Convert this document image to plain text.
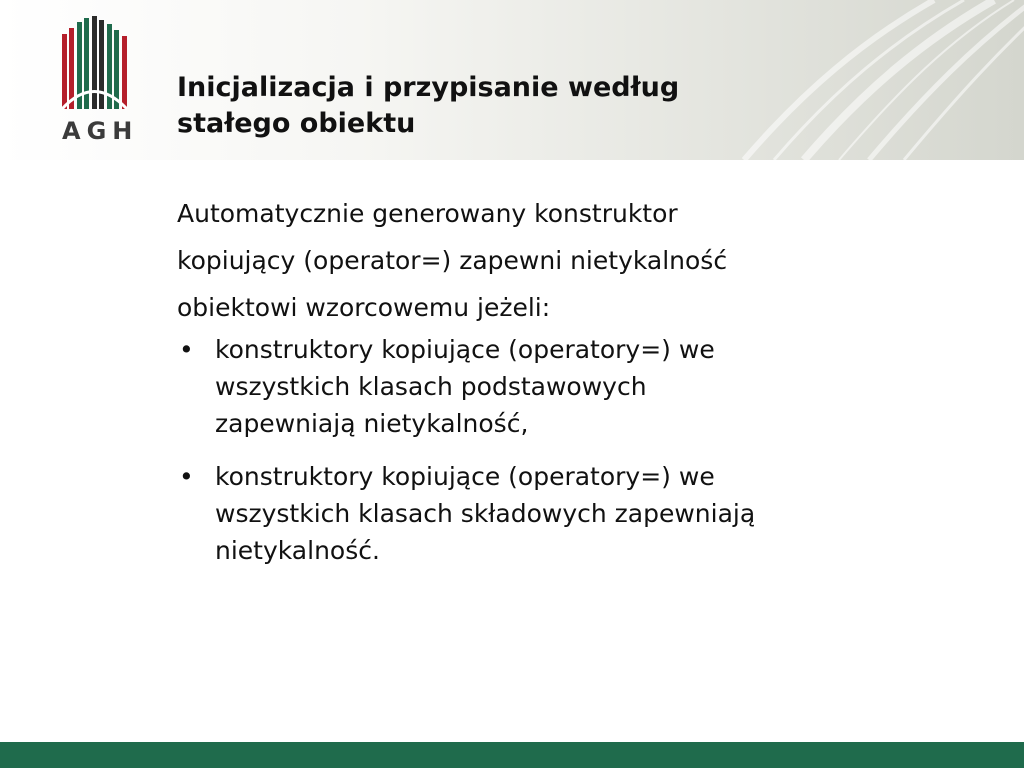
AGH
Inicjalizacja i przypisanie według
stałego obiektu
Automatycznie generowany konstruktor
kopiujący (operator=) zapewni nietykalność
obiektowi wzorcowemu jeżeli:
• konstruktory kopiujące (operatory=) we
wszystkich klasach podstawowych
zapewniają nietykalność,
• konstruktory kopiujące (operatory=) we
wszystkich klasach składowych zapewniają
nietykalność.
